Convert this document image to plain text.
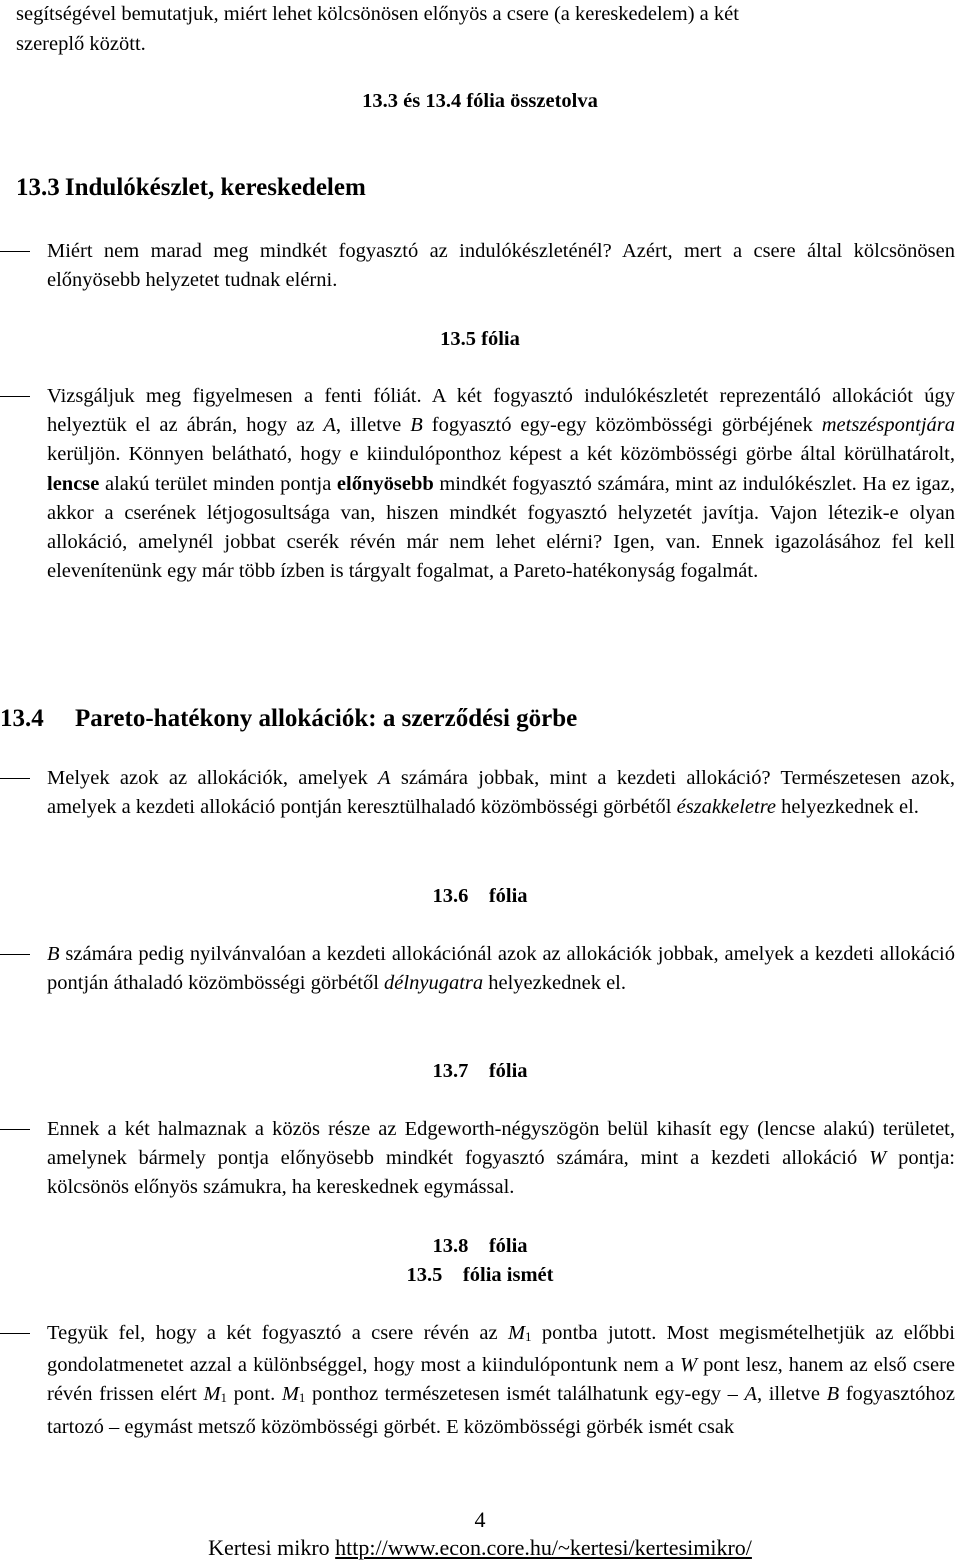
segítségével bemutatjuk, miért lehet kölcsönösen előnyös a csere (a kereskedelem) a két

szereplő között.

13.3 és 13.4 fólia összetolva

13.3 Indulókészlet, kereskedelem
Miért nem marad meg mindkét fogyasztó az indulókészleténél? Azért, mert a csere által kölcsönösen előnyösebb helyzetet tudnak elérni.

13.5 fólia

Vizsgáljuk meg figyelmesen a fenti fóliát. A két fogyasztó indulókészletét reprezentáló allokációt úgy helyeztük el az ábrán, hogy az A, illetve B fogyasztó egy-egy közömbösségi görbéjének metszéspontjára kerüljön. Könnyen belátható, hogy e kiindulóponthoz képest a két közömbösségi görbe által körülhatárolt, lencse alakú terület minden pontja előnyösebb mindkét fogyasztó számára, mint az indulókészlet. Ha ez igaz, akkor a cserének létjogosultsága van, hiszen mindkét fogyasztó helyzetét javítja. Vajon létezik-e olyan allokáció, amelynél jobbat cserék révén már nem lehet elérni? Igen, van. Ennek igazolásához fel kell elevenítenünk egy már több ízben is tárgyalt fogalmat, a Pareto-hatékonyság fogalmát.
13.4 Pareto-hatékony allokációk: a szerződési görbe
Melyek azok az allokációk, amelyek A számára jobbak, mint a kezdeti allokáció? Természetesen azok, amelyek a kezdeti allokáció pontján keresztülhaladó közömbösségi görbétől északkeletre helyezkednek el.

13.6    fólia

B számára pedig nyilvánvalóan a kezdeti allokációnál azok az allokációk jobbak, amelyek a kezdeti allokáció pontján áthaladó közömbösségi görbétől délnyugatra helyezkednek el.

13.7    fólia

Ennek a két halmaznak a közös része az Edgeworth-négyszögön belül kihasít egy (lencse alakú) területet, amelynek bármely pontja előnyösebb mindkét fogyasztó számára, mint a kezdeti allokáció W pontja: kölcsönös előnyös számukra, ha kereskednek egymással.

13.8    fólia

13.5    fólia ismét

Tegyük fel, hogy a két fogyasztó a csere révén az $M_1$ pontba jutott. Most megismételhetjük az előbbi gondolatmenetet azzal a különbséggel, hogy most a kiindulópontunk nem a W pont lesz, hanem az első csere révén frissen elért $M_1$ pont. $M_1$ ponthoz természetesen ismét találhatunk egy-egy – A, illetve B fogyasztóhoz tartozó – egymást metsző közömbösségi görbét. E közömbösségi görbék ismét csak

4

Kertesi mikro http://www.econ.core.hu/~kertesi/kertesimikro/
